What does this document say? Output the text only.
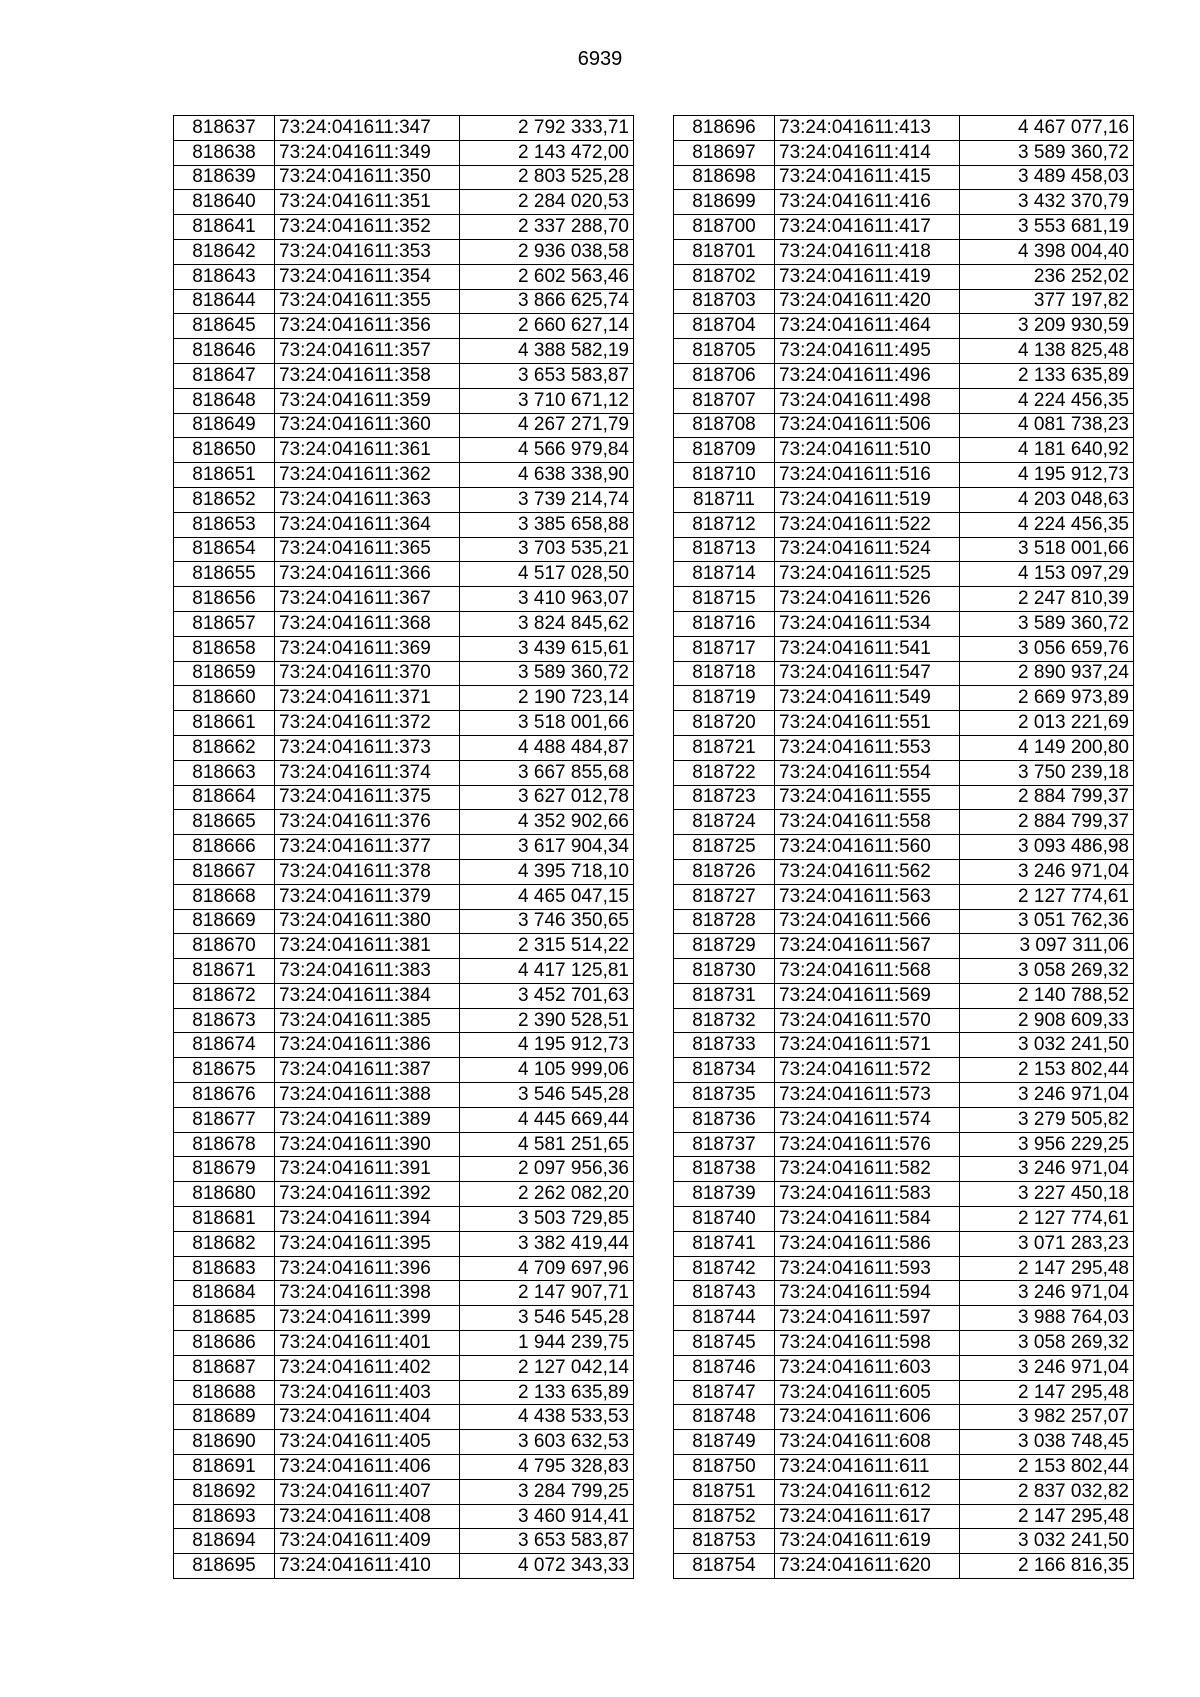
6939
818637	73:24:041611:347	2 792 333,71
818638	73:24:041611:349	2 143 472,00
818639	73:24:041611:350	2 803 525,28
818640	73:24:041611:351	2 284 020,53
818641	73:24:041611:352	2 337 288,70
818642	73:24:041611:353	2 936 038,58
818643	73:24:041611:354	2 602 563,46
818644	73:24:041611:355	3 866 625,74
818645	73:24:041611:356	2 660 627,14
818646	73:24:041611:357	4 388 582,19
818647	73:24:041611:358	3 653 583,87
818648	73:24:041611:359	3 710 671,12
818649	73:24:041611:360	4 267 271,79
818650	73:24:041611:361	4 566 979,84
818651	73:24:041611:362	4 638 338,90
818652	73:24:041611:363	3 739 214,74
818653	73:24:041611:364	3 385 658,88
818654	73:24:041611:365	3 703 535,21
818655	73:24:041611:366	4 517 028,50
818656	73:24:041611:367	3 410 963,07
818657	73:24:041611:368	3 824 845,62
818658	73:24:041611:369	3 439 615,61
818659	73:24:041611:370	3 589 360,72
818660	73:24:041611:371	2 190 723,14
818661	73:24:041611:372	3 518 001,66
818662	73:24:041611:373	4 488 484,87
818663	73:24:041611:374	3 667 855,68
818664	73:24:041611:375	3 627 012,78
818665	73:24:041611:376	4 352 902,66
818666	73:24:041611:377	3 617 904,34
818667	73:24:041611:378	4 395 718,10
818668	73:24:041611:379	4 465 047,15
818669	73:24:041611:380	3 746 350,65
818670	73:24:041611:381	2 315 514,22
818671	73:24:041611:383	4 417 125,81
818672	73:24:041611:384	3 452 701,63
818673	73:24:041611:385	2 390 528,51
818674	73:24:041611:386	4 195 912,73
818675	73:24:041611:387	4 105 999,06
818676	73:24:041611:388	3 546 545,28
818677	73:24:041611:389	4 445 669,44
818678	73:24:041611:390	4 581 251,65
818679	73:24:041611:391	2 097 956,36
818680	73:24:041611:392	2 262 082,20
818681	73:24:041611:394	3 503 729,85
818682	73:24:041611:395	3 382 419,44
818683	73:24:041611:396	4 709 697,96
818684	73:24:041611:398	2 147 907,71
818685	73:24:041611:399	3 546 545,28
818686	73:24:041611:401	1 944 239,75
818687	73:24:041611:402	2 127 042,14
818688	73:24:041611:403	2 133 635,89
818689	73:24:041611:404	4 438 533,53
818690	73:24:041611:405	3 603 632,53
818691	73:24:041611:406	4 795 328,83
818692	73:24:041611:407	3 284 799,25
818693	73:24:041611:408	3 460 914,41
818694	73:24:041611:409	3 653 583,87
818695	73:24:041611:410	4 072 343,33
818696	73:24:041611:413	4 467 077,16
818697	73:24:041611:414	3 589 360,72
818698	73:24:041611:415	3 489 458,03
818699	73:24:041611:416	3 432 370,79
818700	73:24:041611:417	3 553 681,19
818701	73:24:041611:418	4 398 004,40
818702	73:24:041611:419	236 252,02
818703	73:24:041611:420	377 197,82
818704	73:24:041611:464	3 209 930,59
818705	73:24:041611:495	4 138 825,48
818706	73:24:041611:496	2 133 635,89
818707	73:24:041611:498	4 224 456,35
818708	73:24:041611:506	4 081 738,23
818709	73:24:041611:510	4 181 640,92
818710	73:24:041611:516	4 195 912,73
818711	73:24:041611:519	4 203 048,63
818712	73:24:041611:522	4 224 456,35
818713	73:24:041611:524	3 518 001,66
818714	73:24:041611:525	4 153 097,29
818715	73:24:041611:526	2 247 810,39
818716	73:24:041611:534	3 589 360,72
818717	73:24:041611:541	3 056 659,76
818718	73:24:041611:547	2 890 937,24
818719	73:24:041611:549	2 669 973,89
818720	73:24:041611:551	2 013 221,69
818721	73:24:041611:553	4 149 200,80
818722	73:24:041611:554	3 750 239,18
818723	73:24:041611:555	2 884 799,37
818724	73:24:041611:558	2 884 799,37
818725	73:24:041611:560	3 093 486,98
818726	73:24:041611:562	3 246 971,04
818727	73:24:041611:563	2 127 774,61
818728	73:24:041611:566	3 051 762,36
818729	73:24:041611:567	3 097 311,06
818730	73:24:041611:568	3 058 269,32
818731	73:24:041611:569	2 140 788,52
818732	73:24:041611:570	2 908 609,33
818733	73:24:041611:571	3 032 241,50
818734	73:24:041611:572	2 153 802,44
818735	73:24:041611:573	3 246 971,04
818736	73:24:041611:574	3 279 505,82
818737	73:24:041611:576	3 956 229,25
818738	73:24:041611:582	3 246 971,04
818739	73:24:041611:583	3 227 450,18
818740	73:24:041611:584	2 127 774,61
818741	73:24:041611:586	3 071 283,23
818742	73:24:041611:593	2 147 295,48
818743	73:24:041611:594	3 246 971,04
818744	73:24:041611:597	3 988 764,03
818745	73:24:041611:598	3 058 269,32
818746	73:24:041611:603	3 246 971,04
818747	73:24:041611:605	2 147 295,48
818748	73:24:041611:606	3 982 257,07
818749	73:24:041611:608	3 038 748,45
818750	73:24:041611:611	2 153 802,44
818751	73:24:041611:612	2 837 032,82
818752	73:24:041611:617	2 147 295,48
818753	73:24:041611:619	3 032 241,50
818754	73:24:041611:620	2 166 816,35
